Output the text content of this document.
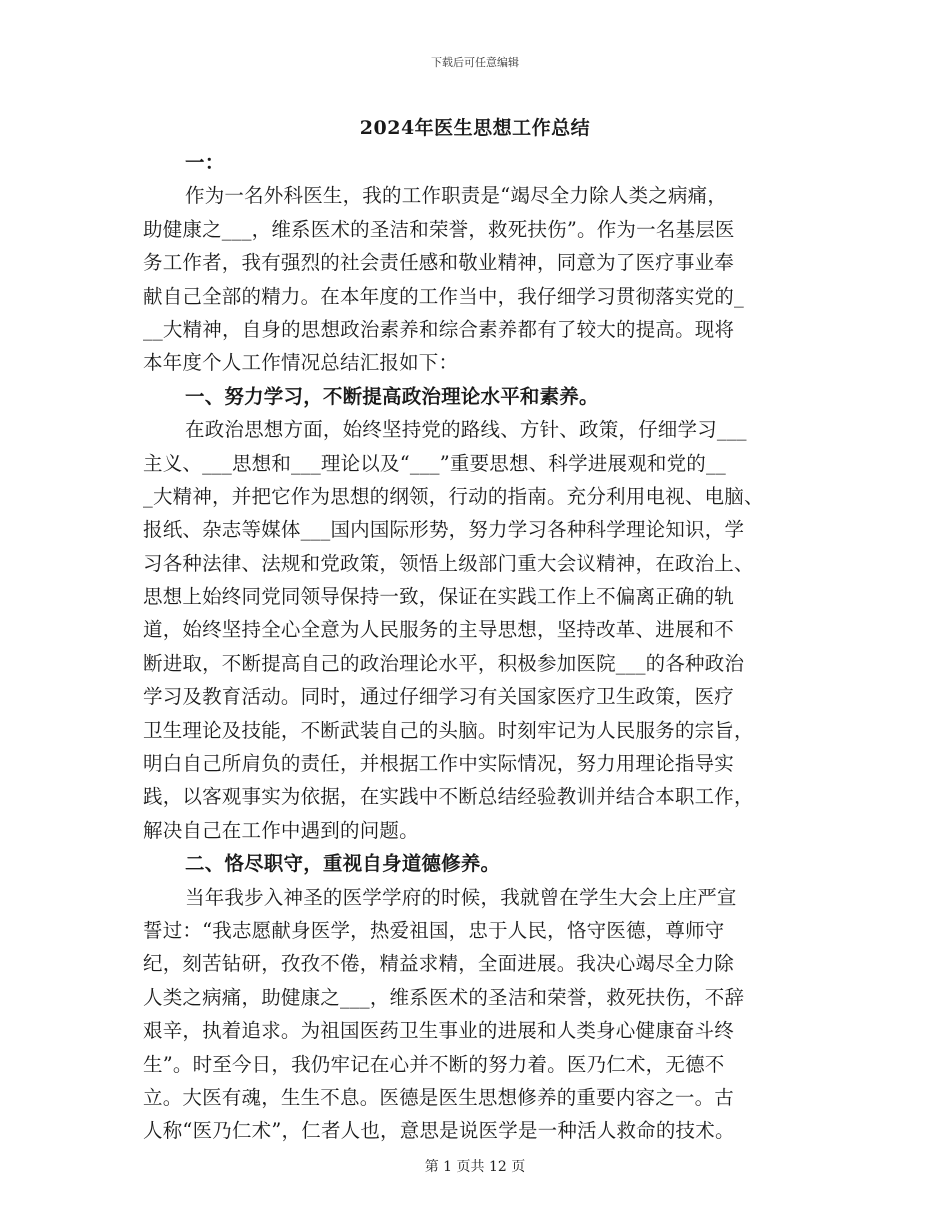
下载后可任意编辑
2024年医生思想工作总结
一：
作为一名外科医生，我的工作职责是“竭尽全力除人类之病痛，
助健康之___，维系医术的圣洁和荣誉，救死扶伤”。作为一名基层医
务工作者，我有强烈的社会责任感和敬业精神，同意为了医疗事业奉
献自己全部的精力。在本年度的工作当中，我仔细学习贯彻落实党的_
__大精神，自身的思想政治素养和综合素养都有了较大的提高。现将
本年度个人工作情况总结汇报如下：
一、努力学习，不断提高政治理论水平和素养。
在政治思想方面，始终坚持党的路线、方针、政策，仔细学习___
主义、___思想和___理论以及“___”重要思想、科学进展观和党的__
_大精神，并把它作为思想的纲领，行动的指南。充分利用电视、电脑、
报纸、杂志等媒体___国内国际形势，努力学习各种科学理论知识，学
习各种法律、法规和党政策，领悟上级部门重大会议精神，在政治上、
思想上始终同党同领导保持一致，保证在实践工作上不偏离正确的轨
道，始终坚持全心全意为人民服务的主导思想，坚持改革、进展和不
断进取，不断提高自己的政治理论水平，积极参加医院___的各种政治
学习及教育活动。同时，通过仔细学习有关国家医疗卫生政策，医疗
卫生理论及技能，不断武装自己的头脑。时刻牢记为人民服务的宗旨，
明白自己所肩负的责任，并根据工作中实际情况，努力用理论指导实
践，以客观事实为依据，在实践中不断总结经验教训并结合本职工作，
解决自己在工作中遇到的问题。
二、恪尽职守，重视自身道德修养。
当年我步入神圣的医学学府的时候，我就曾在学生大会上庄严宣
誓过：“我志愿献身医学，热爱祖国，忠于人民，恪守医德，尊师守
纪，刻苦钻研，孜孜不倦，精益求精，全面进展。我决心竭尽全力除
人类之病痛，助健康之___，维系医术的圣洁和荣誉，救死扶伤，不辞
艰辛，执着追求。为祖国医药卫生事业的进展和人类身心健康奋斗终
生”。时至今日，我仍牢记在心并不断的努力着。医乃仁术，无德不
立。大医有魂，生生不息。医德是医生思想修养的重要内容之一。古
人称“医乃仁术”，仁者人也，意思是说医学是一种活人救命的技术。
第 1 页共 12 页
